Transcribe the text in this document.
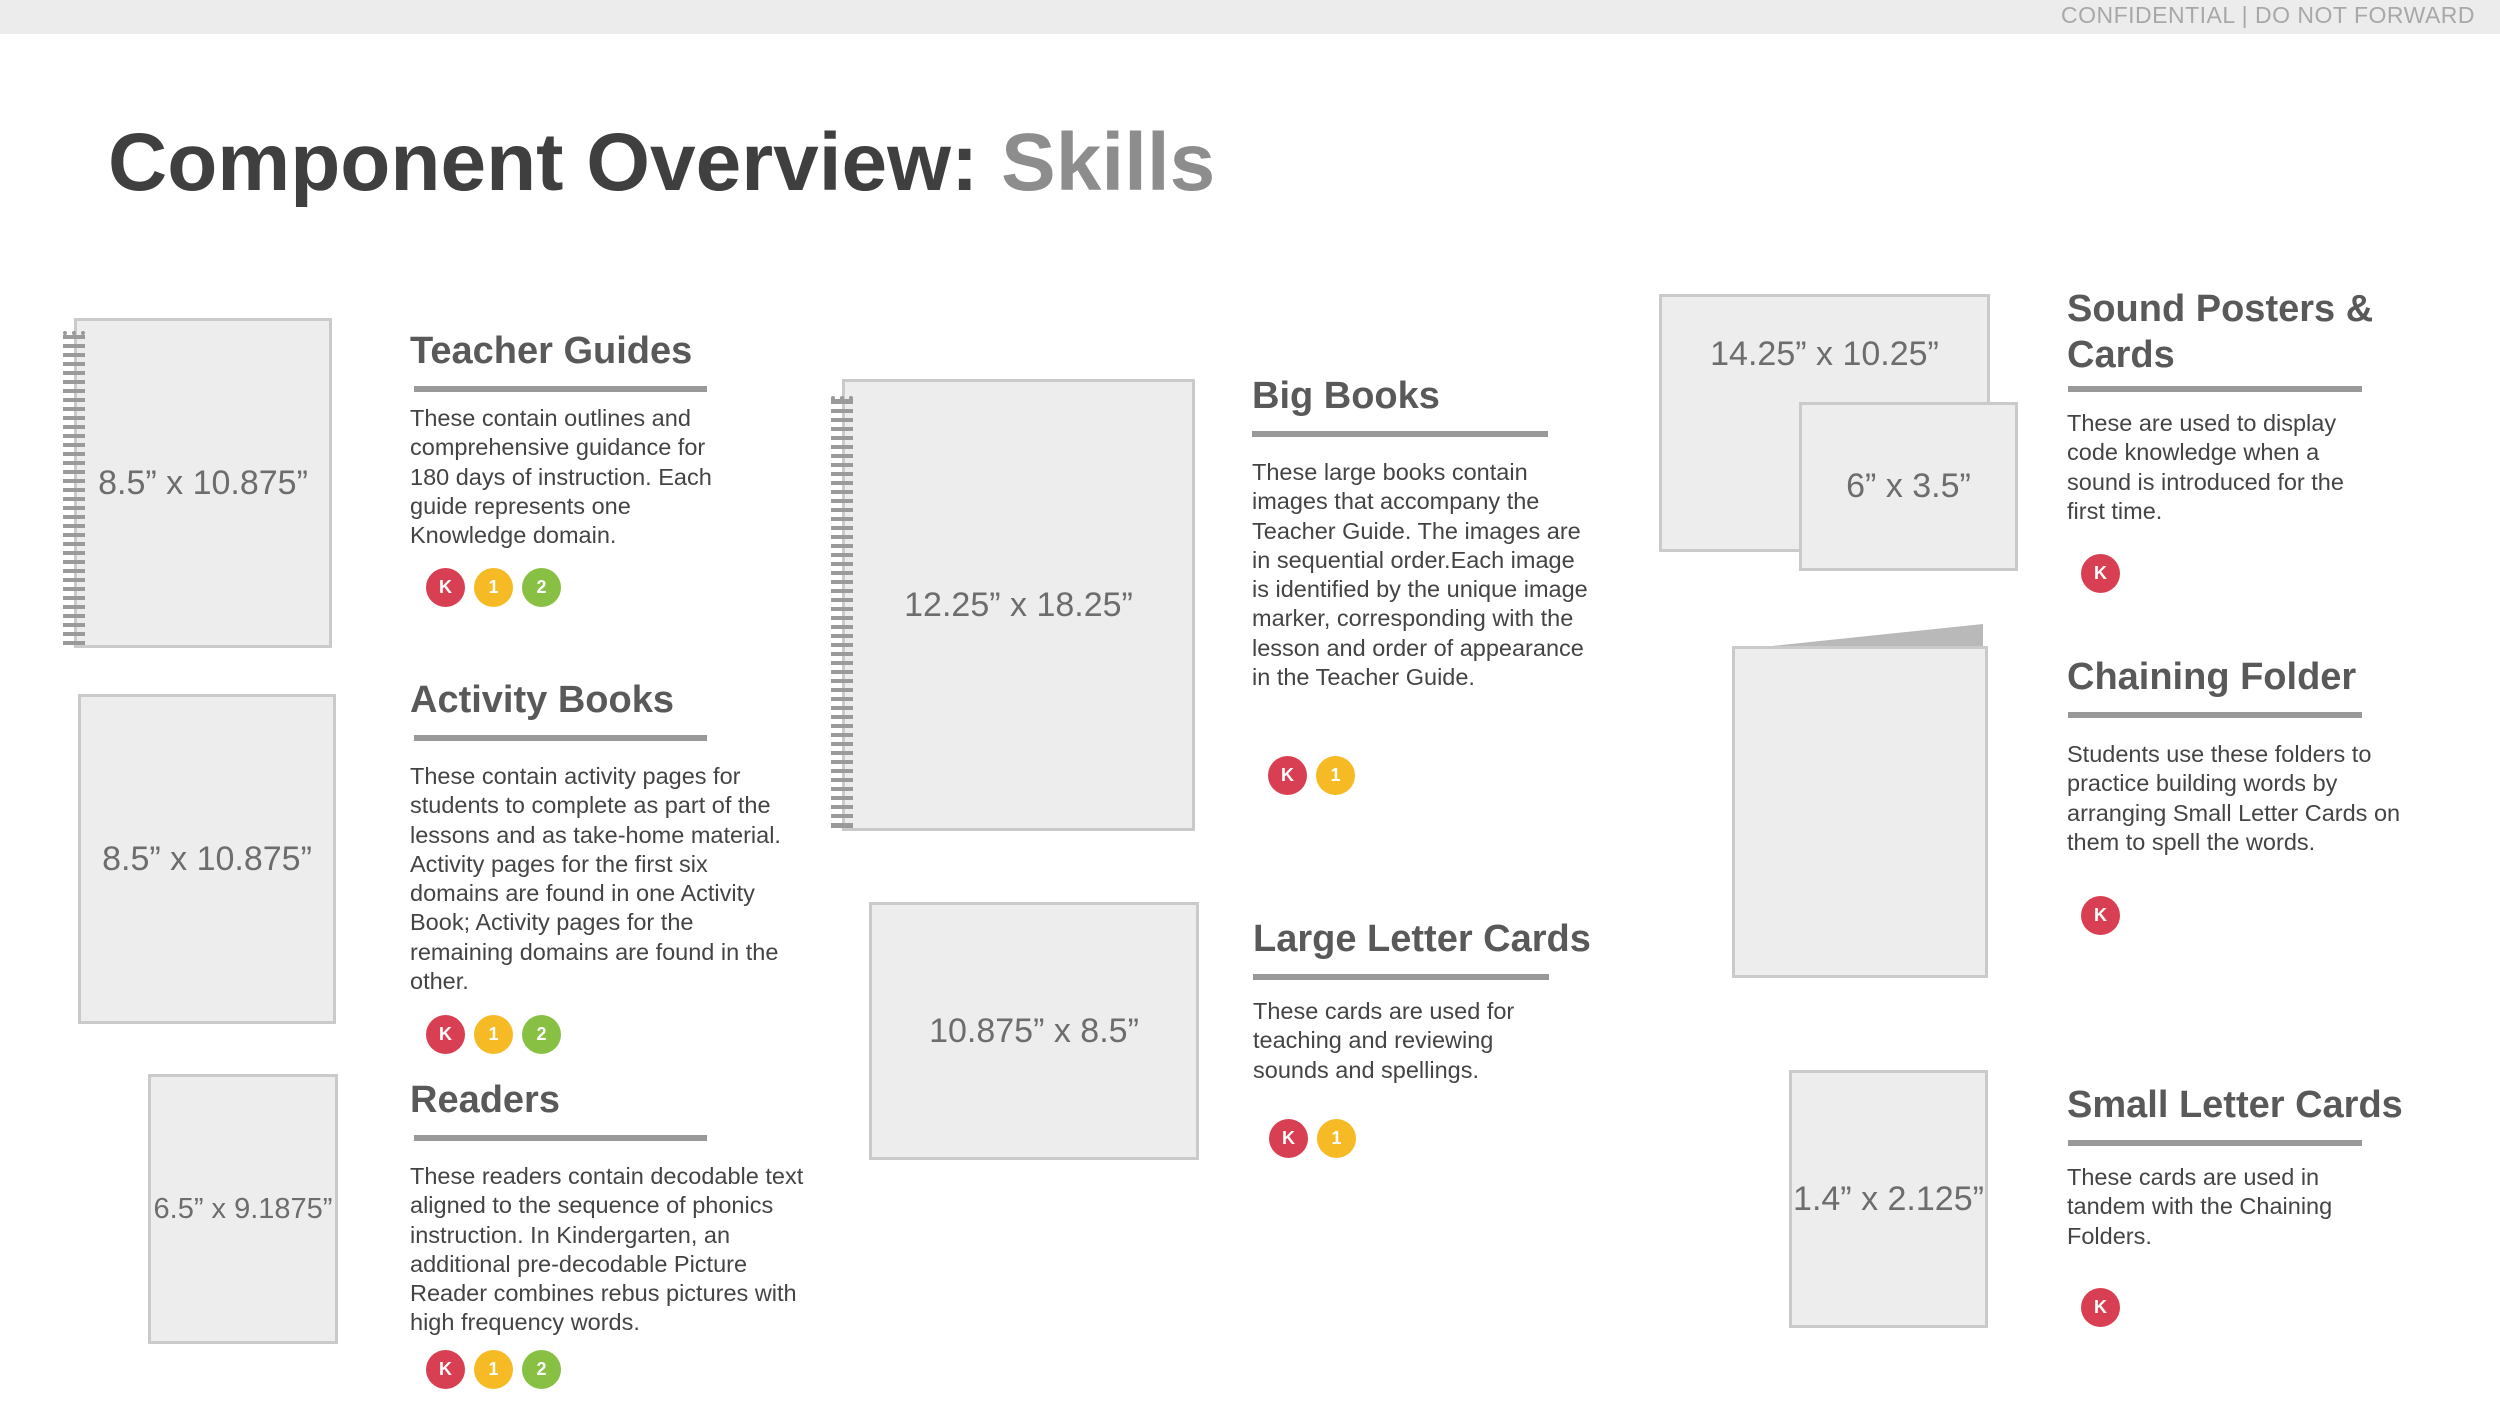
CONFIDENTIAL | DO NOT FORWARD
Component Overview: Skills
8.5” x 10.875”
Teacher Guides

These contain outlines and comprehensive guidance for 180 days of instruction. Each guide represents one Knowledge domain.

K	1	2
8.5” x 10.875”
Activity Books

These contain activity pages for students to complete as part of the lessons and as take-home material. Activity pages for the first six domains are found in one Activity Book; Activity pages for the remaining domains are found in the other.

K	1	2
6.5” x 9.1875”
Readers

These readers contain decodable text aligned to the sequence of phonics instruction. In Kindergarten, an additional pre-decodable Picture Reader combines rebus pictures with high frequency words.

K	1	2
12.25” x 18.25”
Big Books

These large books contain images that accompany the Teacher Guide. The images are in sequential order.Each image is identified by the unique image marker, corresponding with the lesson and order of appearance in the Teacher Guide.

K	1
10.875” x 8.5”
Large Letter Cards

These cards are used for teaching and reviewing sounds and spellings.

K	1
14.25” x 10.25”
6” x 3.5”
Sound Posters &
Cards

These are used to display code knowledge when a sound is introduced for the first time.

K
Chaining Folder

Students use these folders to practice building words by arranging Small Letter Cards on them to spell the words.

K
1.4” x 2.125”
Small Letter Cards

These cards are used in tandem with the Chaining Folders.

K
